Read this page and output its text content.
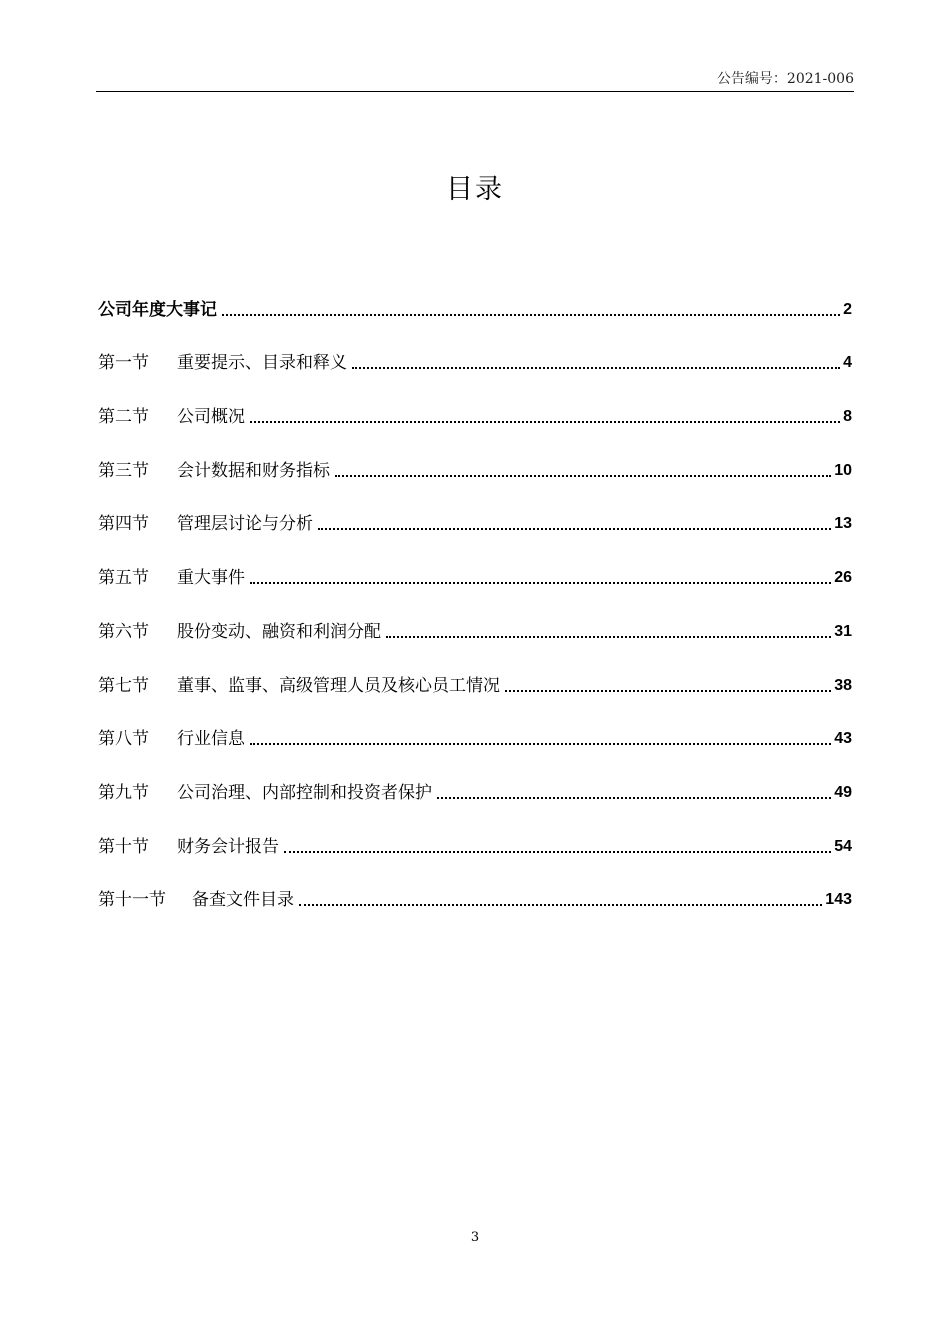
公告编号：2021-006
目录
公司年度大事记	2
第一节	重要提示、目录和释义	4
第二节	公司概况	8
第三节	会计数据和财务指标	10
第四节	管理层讨论与分析	13
第五节	重大事件	26
第六节	股份变动、融资和利润分配	31
第七节	董事、监事、高级管理人员及核心员工情况	38
第八节	行业信息	43
第九节	公司治理、内部控制和投资者保护	49
第十节	财务会计报告	54
第十一节	备查文件目录	143
3
